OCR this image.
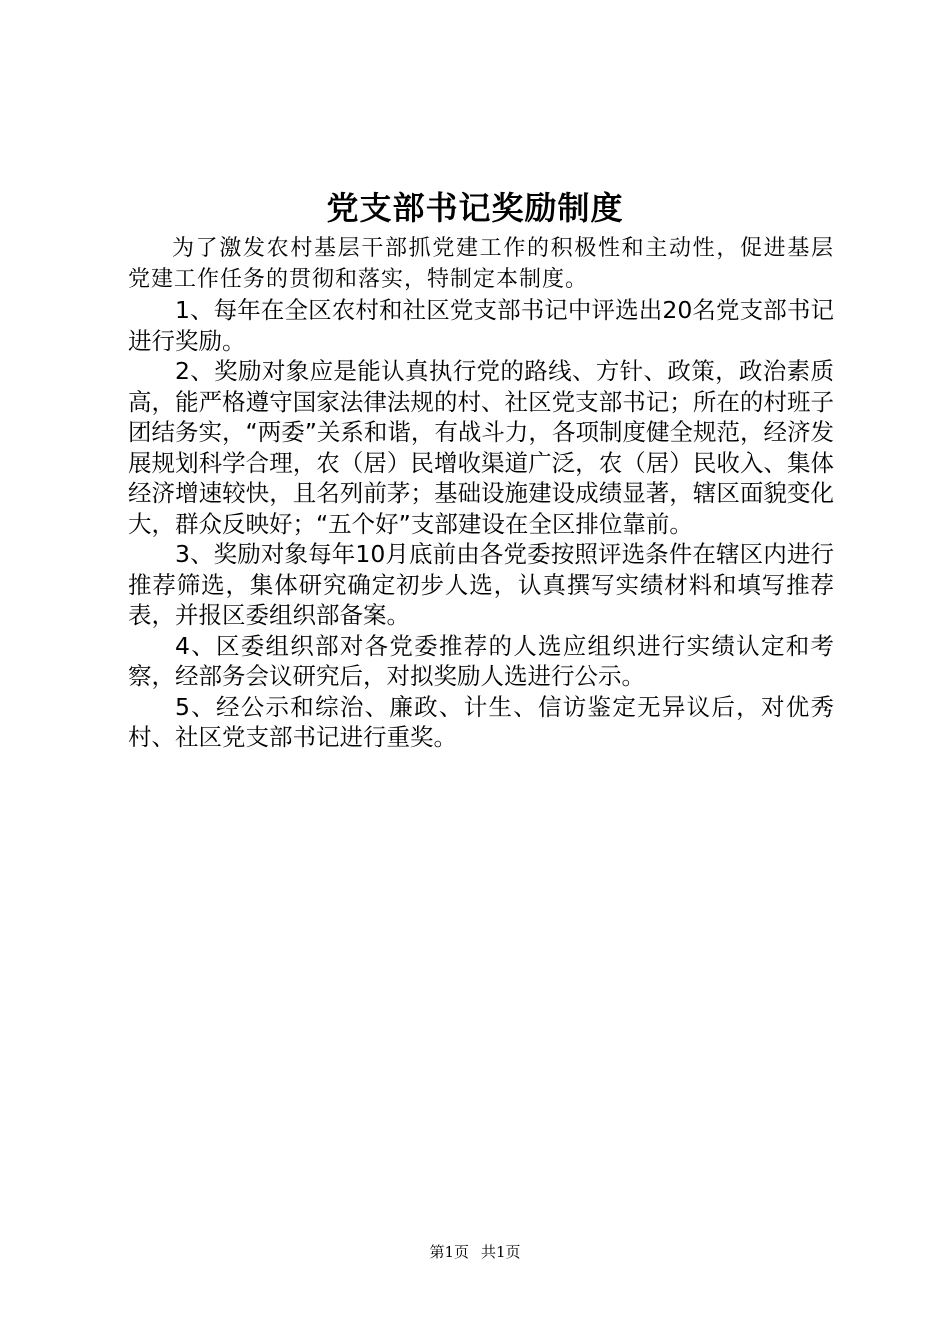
党支部书记奖励制度

为了激发农村基层干部抓党建工作的积极性和主动性，促进基层党建工作任务的贯彻和落实，特制定本制度。

1、每年在全区农村和社区党支部书记中评选出20名党支部书记进行奖励。

2、奖励对象应是能认真执行党的路线、方针、政策，政治素质高，能严格遵守国家法律法规的村、社区党支部书记；所在的村班子团结务实，“两委”关系和谐，有战斗力，各项制度健全规范，经济发展规划科学合理，农（居）民增收渠道广泛，农（居）民收入、集体经济增速较快，且名列前茅；基础设施建设成绩显著，辖区面貌变化大，群众反映好；“五个好”支部建设在全区排位靠前。

3、奖励对象每年10月底前由各党委按照评选条件在辖区内进行推荐筛选，集体研究确定初步人选，认真撰写实绩材料和填写推荐表，并报区委组织部备案。

4、区委组织部对各党委推荐的人选应组织进行实绩认定和考察，经部务会议研究后，对拟奖励人选进行公示。

5、经公示和综治、廉政、计生、信访鉴定无异议后，对优秀村、社区党支部书记进行重奖。

第1页 共1页
